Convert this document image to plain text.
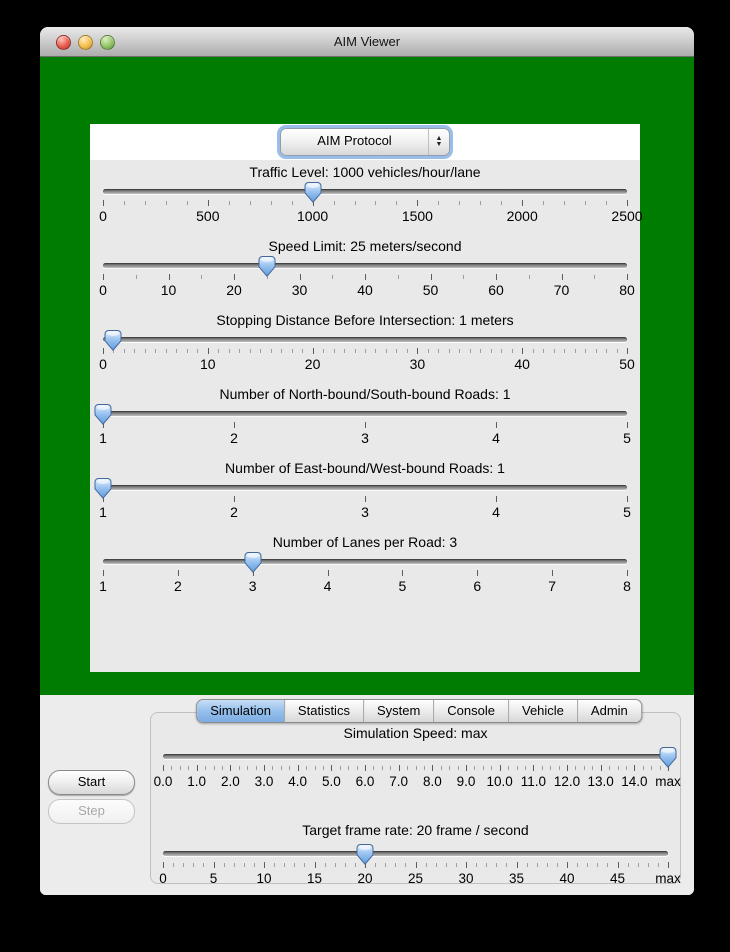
AIM Viewer
AIM Protocol	▲
▼
Traffic Level: 1000 vehicles/hour/lane
0	500	1000	1500	2000	2500
Speed Limit: 25 meters/second
0	10	20	30	40	50	60	70	80
Stopping Distance Before Intersection: 1 meters
0	10	20	30	40	50
Number of North-bound/South-bound Roads: 1
1	2	3	4	5
Number of East-bound/West-bound Roads: 1
1	2	3	4	5
Number of Lanes per Road: 3
1	2	3	4	5	6	7	8
Simulation	Statistics	System	Console	Vehicle	Admin
Simulation Speed: max
0.0 1.0 2.0 3.0 4.0 5.0 6.0 7.0 8.0 9.0 10.0 11.0 12.0 13.0 14.0 max
Target frame rate: 20 frame / second
0	5	10	15	20	25	30	35	40	45 max
Start
Step
